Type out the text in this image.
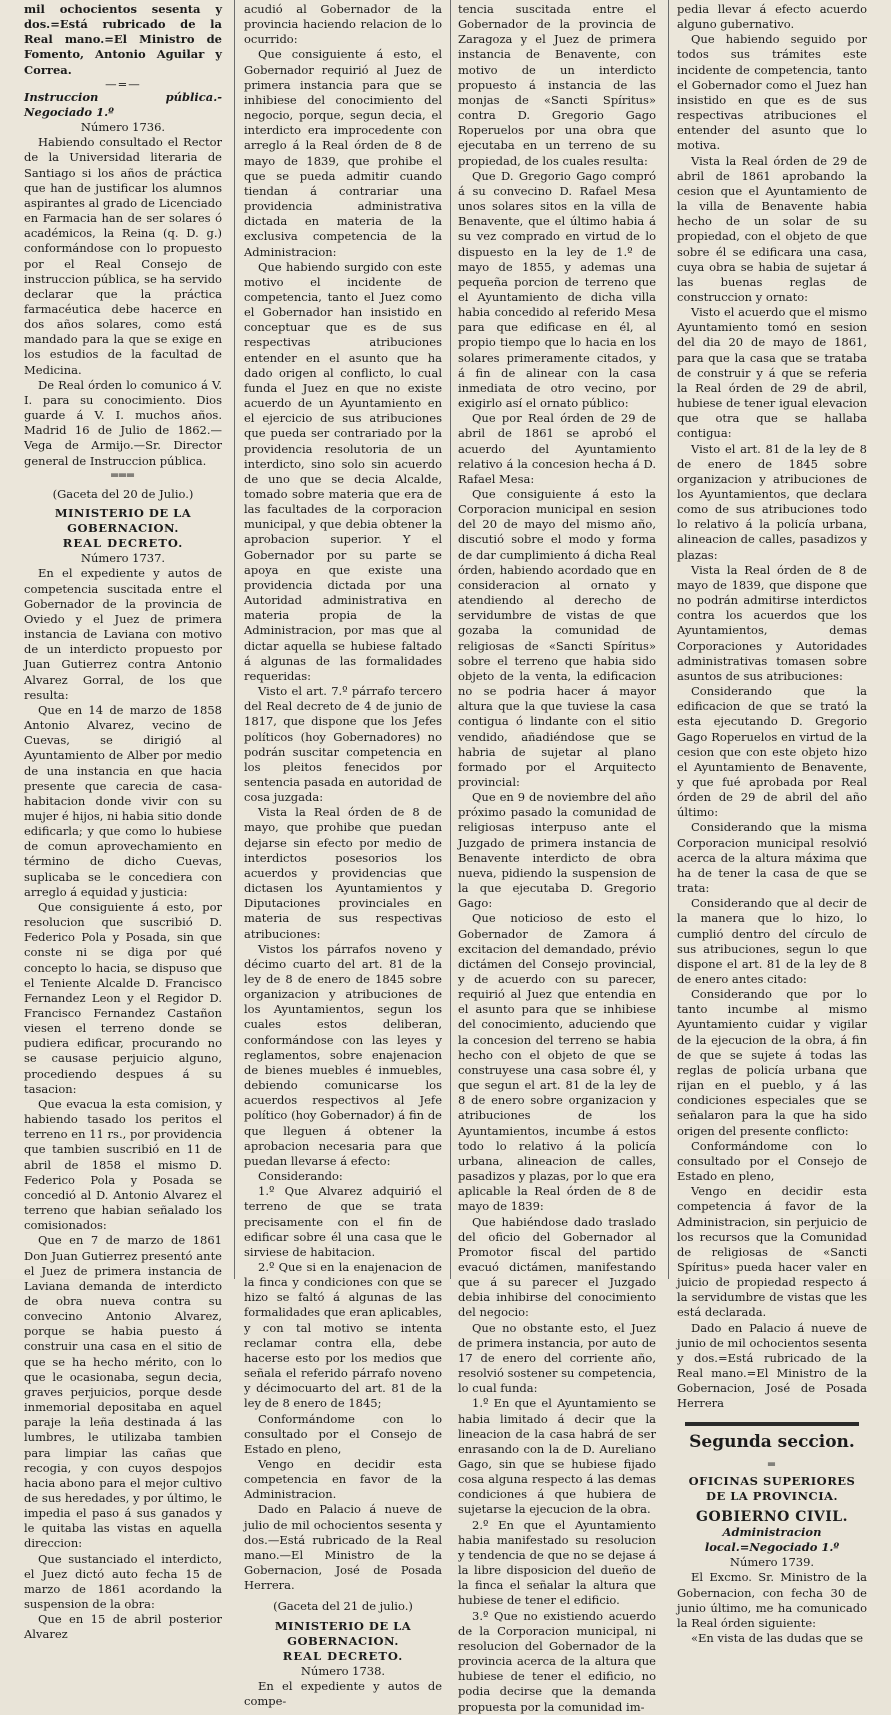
mil ochocientos sesenta y dos.=Está rubricado de la Real mano.=El Ministro de Fomento, Antonio Aguilar y Correa.

—=—

Instruccion pública.-Negociado 1.º

Número 1736.

Habiendo consultado el Rector de la Universidad literaria de Santiago si los años de práctica que han de justificar los alumnos aspirantes al grado de Licenciado en Farmacia han de ser solares ó académicos, la Reina (q. D. g.) conformándose con lo propuesto por el Real Consejo de instruccion pública, se ha servido declarar que la práctica farmacéutica debe hacerce en dos años solares, como está mandado para la que se exige en los estudios de la facultad de Medicina.

De Real órden lo comunico á V. I. para su conocimiento. Dios guarde á V. I. muchos años. Madrid 16 de Julio de 1862.—Vega de Armijo.—Sr. Director general de Instruccion pública.

═══

(Gaceta del 20 de Julio.)

MINISTERIO DE LA GOBERNACION.

REAL DECRETO.

Número 1737.

En el expediente y autos de competencia suscitada entre el Gobernador de la provincia de Oviedo y el Juez de primera instancia de Laviana con motivo de un interdicto propuesto por Juan Gutierrez contra Antonio Alvarez Gorral, de los que resulta:

Que en 14 de marzo de 1858 Antonio Alvarez, vecino de Cuevas, se dirigió al Ayuntamiento de Alber por medio de una instancia en que hacia presente que carecia de casa-habitacion donde vivir con su mujer é hijos, ni habia sitio donde edificarla; y que como lo hubiese de comun aprovechamiento en término de dicho Cuevas, suplicaba se le concediera con arreglo á equidad y justicia:

Que consiguiente á esto, por resolucion que suscribió D. Federico Pola y Posada, sin que conste ni se diga por qué concepto lo hacia, se dispuso que el Teniente Alcalde D. Francisco Fernandez Leon y el Regidor D. Francisco Fernandez Castañon viesen el terreno donde se pudiera edificar, procurando no se causase perjuicio alguno, procediendo despues á su tasacion:

Que evacua la esta comision, y habiendo tasado los peritos el terreno en 11 rs., por providencia que tambien suscribió en 11 de abril de 1858 el mismo D. Federico Pola y Posada se concedió al D. Antonio Alvarez el terreno que habian señalado los comisionados:

Que en 7 de marzo de 1861 Don Juan Gutierrez presentó ante el Juez de primera instancia de Laviana demanda de interdicto de obra nueva contra su convecino Antonio Alvarez, porque se habia puesto á construir una casa en el sitio de que se ha hecho mérito, con lo que le ocasionaba, segun decia, graves perjuicios, porque desde inmemorial depositaba en aquel paraje la leña destinada á las lumbres, le utilizaba tambien para limpiar las cañas que recogia, y con cuyos despojos hacia abono para el mejor cultivo de sus heredades, y por último, le impedia el paso á sus ganados y le quitaba las vistas en aquella direccion:

Que sustanciado el interdicto, el Juez dictó auto fecha 15 de marzo de 1861 acordando la suspension de la obra:

Que en 15 de abril posterior Alvarez

acudió al Gobernador de la provincia haciendo relacion de lo ocurrido:

Que consiguiente á esto, el Gobernador requirió al Juez de primera instancia para que se inhibiese del conocimiento del negocio, porque, segun decia, el interdicto era improcedente con arreglo á la Real órden de 8 de mayo de 1839, que prohibe el que se pueda admitir cuando tiendan á contrariar una providencia administrativa dictada en materia de la exclusiva competencia de la Administracion:

Que habiendo surgido con este motivo el incidente de competencia, tanto el Juez como el Gobernador han insistido en conceptuar que es de sus respectivas atribuciones entender en el asunto que ha dado origen al conflicto, lo cual funda el Juez en que no existe acuerdo de un Ayuntamiento en el ejercicio de sus atribuciones que pueda ser contrariado por la providencia resolutoria de un interdicto, sino solo sin acuerdo de uno que se decia Alcalde, tomado sobre materia que era de las facultades de la corporacion municipal, y que debia obtener la aprobacion superior. Y el Gobernador por su parte se apoya en que existe una providencia dictada por una Autoridad administrativa en materia propia de la Administracion, por mas que al dictar aquella se hubiese faltado á algunas de las formalidades requeridas:

Visto el art. 7.º párrafo tercero del Real decreto de 4 de junio de 1817, que dispone que los Jefes políticos (hoy Gobernadores) no podrán suscitar competencia en los pleitos fenecidos por sentencia pasada en autoridad de cosa juzgada:

Vista la Real órden de 8 de mayo, que prohibe que puedan dejarse sin efecto por medio de interdictos posesorios los acuerdos y providencias que dictasen los Ayuntamientos y Diputaciones provinciales en materia de sus respectivas atribuciones:

Vistos los párrafos noveno y décimo cuarto del art. 81 de la ley de 8 de enero de 1845 sobre organizacion y atribuciones de los Ayuntamientos, segun los cuales estos deliberan, conformándose con las leyes y reglamentos, sobre enajenacion de bienes muebles é inmuebles, debiendo comunicarse los acuerdos respectivos al Jefe político (hoy Gobernador) á fin de que lleguen á obtener la aprobacion necesaria para que puedan llevarse á efecto:

Considerando:

1.º Que Alvarez adquirió el terreno de que se trata precisamente con el fin de edificar sobre él una casa que le sirviese de habitacion.

2.º Que si en la enajenacion de la finca y condiciones con que se hizo se faltó á algunas de las formalidades que eran aplicables, y con tal motivo se intenta reclamar contra ella, debe hacerse esto por los medios que señala el referido párrafo noveno y décimocuarto del art. 81 de la ley de 8 enero de 1845;

Conformándome con lo consultado por el Consejo de Estado en pleno,

Vengo en decidir esta competencia en favor de la Administracion.

Dado en Palacio á nueve de julio de mil ochocientos sesenta y dos.—Está rubricado de la Real mano.—El Ministro de la Gobernacion, José de Posada Herrera.

(Gaceta del 21 de julio.)

MINISTERIO DE LA GOBERNACION.

REAL DECRETO.

Número 1738.

En el expediente y autos de compe-

tencia suscitada entre el Gobernador de la provincia de Zaragoza y el Juez de primera instancia de Benavente, con motivo de un interdicto propuesto á instancia de las monjas de «Sancti Spíritus» contra D. Gregorio Gago Roperuelos por una obra que ejecutaba en un terreno de su propiedad, de los cuales resulta:

Que D. Gregorio Gago compró á su convecino D. Rafael Mesa unos solares sitos en la villa de Benavente, que el último habia á su vez comprado en virtud de lo dispuesto en la ley de 1.º de mayo de 1855, y ademas una pequeña porcion de terreno que el Ayuntamiento de dicha villa habia concedido al referido Mesa para que edificase en él, al propio tiempo que lo hacia en los solares primeramente citados, y á fin de alinear con la casa inmediata de otro vecino, por exigirlo así el ornato público:

Que por Real órden de 29 de abril de 1861 se aprobó el acuerdo del Ayuntamiento relativo á la concesion hecha á D. Rafael Mesa:

Que consiguiente á esto la Corporacion municipal en sesion del 20 de mayo del mismo año, discutió sobre el modo y forma de dar cumplimiento á dicha Real órden, habiendo acordado que en consideracion al ornato y atendiendo al derecho de servidumbre de vistas de que gozaba la comunidad de religiosas de «Sancti Spíritus» sobre el terreno que habia sido objeto de la venta, la edificacion no se podria hacer á mayor altura que la que tuviese la casa contigua ó lindante con el sitio vendido, añadiéndose que se habria de sujetar al plano formado por el Arquitecto provincial:

Que en 9 de noviembre del año próximo pasado la comunidad de religiosas interpuso ante el Juzgado de primera instancia de Benavente interdicto de obra nueva, pidiendo la suspension de la que ejecutaba D. Gregorio Gago:

Que noticioso de esto el Gobernador de Zamora á excitacion del demandado, prévio dictámen del Consejo provincial, y de acuerdo con su parecer, requirió al Juez que entendia en el asunto para que se inhibiese del conocimiento, aduciendo que la concesion del terreno se habia hecho con el objeto de que se construyese una casa sobre él, y que segun el art. 81 de la ley de 8 de enero sobre organizacion y atribuciones de los Ayuntamientos, incumbe á estos todo lo relativo á la policía urbana, alineacion de calles, pasadizos y plazas, por lo que era aplicable la Real órden de 8 de mayo de 1839:

Que habiéndose dado traslado del oficio del Gobernador al Promotor fiscal del partido evacuó dictámen, manifestando que á su parecer el Juzgado debia inhibirse del conocimiento del negocio:

Que no obstante esto, el Juez de primera instancia, por auto de 17 de enero del corriente año, resolvió sostener su competencia, lo cual funda:

1.º En que el Ayuntamiento se habia limitado á decir que la lineacion de la casa habrá de ser enrasando con la de D. Aureliano Gago, sin que se hubiese fijado cosa alguna respecto á las demas condiciones á que hubiera de sujetarse la ejecucion de la obra.

2.º En que el Ayuntamiento habia manifestado su resolucion y tendencia de que no se dejase á la libre disposicion del dueño de la finca el señalar la altura que hubiese de tener el edificio.

3.º Que no existiendo acuerdo de la Corporacion municipal, ni resolucion del Gobernador de la provincia acerca de la altura que hubiese de tener el edificio, no podia decirse que la demanda propuesta por la comunidad im-

pedia llevar á efecto acuerdo alguno gubernativo.

Que habiendo seguido por todos sus trámites este incidente de competencia, tanto el Gobernador como el Juez han insistido en que es de sus respectivas atribuciones el entender del asunto que lo motiva.

Vista la Real órden de 29 de abril de 1861 aprobando la cesion que el Ayuntamiento de la villa de Benavente habia hecho de un solar de su propiedad, con el objeto de que sobre él se edificara una casa, cuya obra se habia de sujetar á las buenas reglas de construccion y ornato:

Visto el acuerdo que el mismo Ayuntamiento tomó en sesion del dia 20 de mayo de 1861, para que la casa que se trataba de construir y á que se referia la Real órden de 29 de abril, hubiese de tener igual elevacion que otra que se hallaba contigua:

Visto el art. 81 de la ley de 8 de enero de 1845 sobre organizacion y atribuciones de los Ayuntamientos, que declara como de sus atribuciones todo lo relativo á la policía urbana, alineacion de calles, pasadizos y plazas:

Vista la Real órden de 8 de mayo de 1839, que dispone que no podrán admitirse interdictos contra los acuerdos que los Ayuntamientos, demas Corporaciones y Autoridades administrativas tomasen sobre asuntos de sus atribuciones:

Considerando que la edificacion de que se trató la esta ejecutando D. Gregorio Gago Roperuelos en virtud de la cesion que con este objeto hizo el Ayuntamiento de Benavente, y que fué aprobada por Real órden de 29 de abril del año último:

Considerando que la misma Corporacion municipal resolvió acerca de la altura máxima que ha de tener la casa de que se trata:

Considerando que al decir de la manera que lo hizo, lo cumplió dentro del círculo de sus atribuciones, segun lo que dispone el art. 81 de la ley de 8 de enero antes citado:

Considerando que por lo tanto incumbe al mismo Ayuntamiento cuidar y vigilar de la ejecucion de la obra, á fin de que se sujete á todas las reglas de policía urbana que rijan en el pueblo, y á las condiciones especiales que se señalaron para la que ha sido origen del presente conflicto:

Conformándome con lo consultado por el Consejo de Estado en pleno,

Vengo en decidir esta competencia á favor de la Administracion, sin perjuicio de los recursos que la Comunidad de religiosas de «Sancti Spíritus» pueda hacer valer en juicio de propiedad respecto á la servidumbre de vistas que les está declarada.

Dado en Palacio á nueve de junio de mil ochocientos sesenta y dos.=Está rubricado de la Real mano.=El Ministro de la Gobernacion, José de Posada Herrera

Segunda seccion.

═

OFICINAS SUPERIORES DE LA PROVINCIA.

GOBIERNO CIVIL.

Administracion local.=Negociado 1.º

Número 1739.

El Excmo. Sr. Ministro de la Gobernacion, con fecha 30 de junio último, me ha comunicado la Real órden siguiente:

«En vista de las dudas que se
